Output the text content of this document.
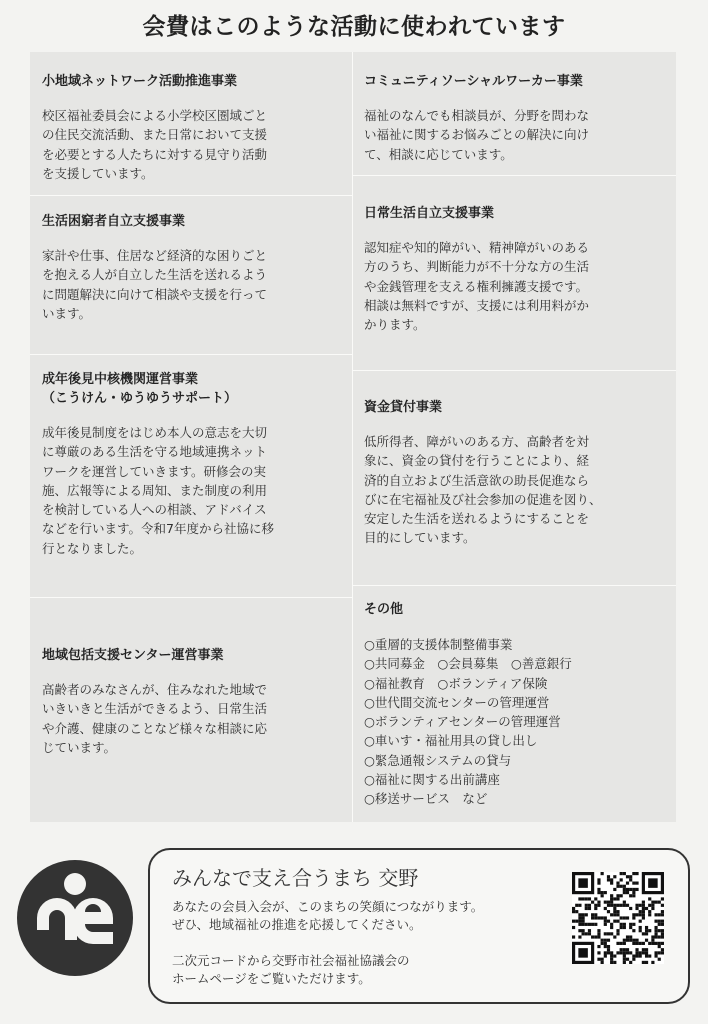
会費はこのような活動に使われています
小地域ネットワーク活動推進事業
校区福祉委員会による小学校区圏域ごと
の住民交流活動、また日常において支援
を必要とする人たちに対する見守り活動
を支援しています。
生活困窮者自立支援事業
家計や仕事、住居など経済的な困りごと
を抱える人が自立した生活を送れるよう
に問題解決に向けて相談や支援を行って
います。
成年後見中核機関運営事業
（こうけん・ゆうゆうサポート）
成年後見制度をはじめ本人の意志を大切
に尊厳のある生活を守る地域連携ネット
ワークを運営していきます。研修会の実
施、広報等による周知、また制度の利用
を検討している人への相談、アドバイス
などを行います。令和7年度から社協に移
行となりました。
地域包括支援センター運営事業
高齢者のみなさんが、住みなれた地域で
いきいきと生活ができるよう、日常生活
や介護、健康のことなど様々な相談に応
じています。
コミュニティソーシャルワーカー事業
福祉のなんでも相談員が、分野を問わな
い福祉に関するお悩みごとの解決に向け
て、相談に応じています。
日常生活自立支援事業
認知症や知的障がい、精神障がいのある
方のうち、判断能力が不十分な方の生活
や金銭管理を支える権利擁護支援です。
相談は無料ですが、支援には利用料がか
かります。
資金貸付事業
低所得者、障がいのある方、高齢者を対
象に、資金の貸付を行うことにより、経
済的自立および生活意欲の助長促進なら
びに在宅福祉及び社会参加の促進を図り、
安定した生活を送れるようにすることを
目的にしています。
その他
○重層的支援体制整備事業
○共同募金　○会員募集　○善意銀行
○福祉教育　○ボランティア保険
○世代間交流センターの管理運営
○ボランティアセンターの管理運営
○車いす・福祉用具の貸し出し
○緊急通報システムの貸与
○福祉に関する出前講座
○移送サービス　など
みんなで支え合うまち 交野
あなたの会員入会が、このまちの笑顔につながります。
ぜひ、地域福祉の推進を応援してください。
二次元コードから交野市社会福祉協議会の
ホームページをご覧いただけます。
